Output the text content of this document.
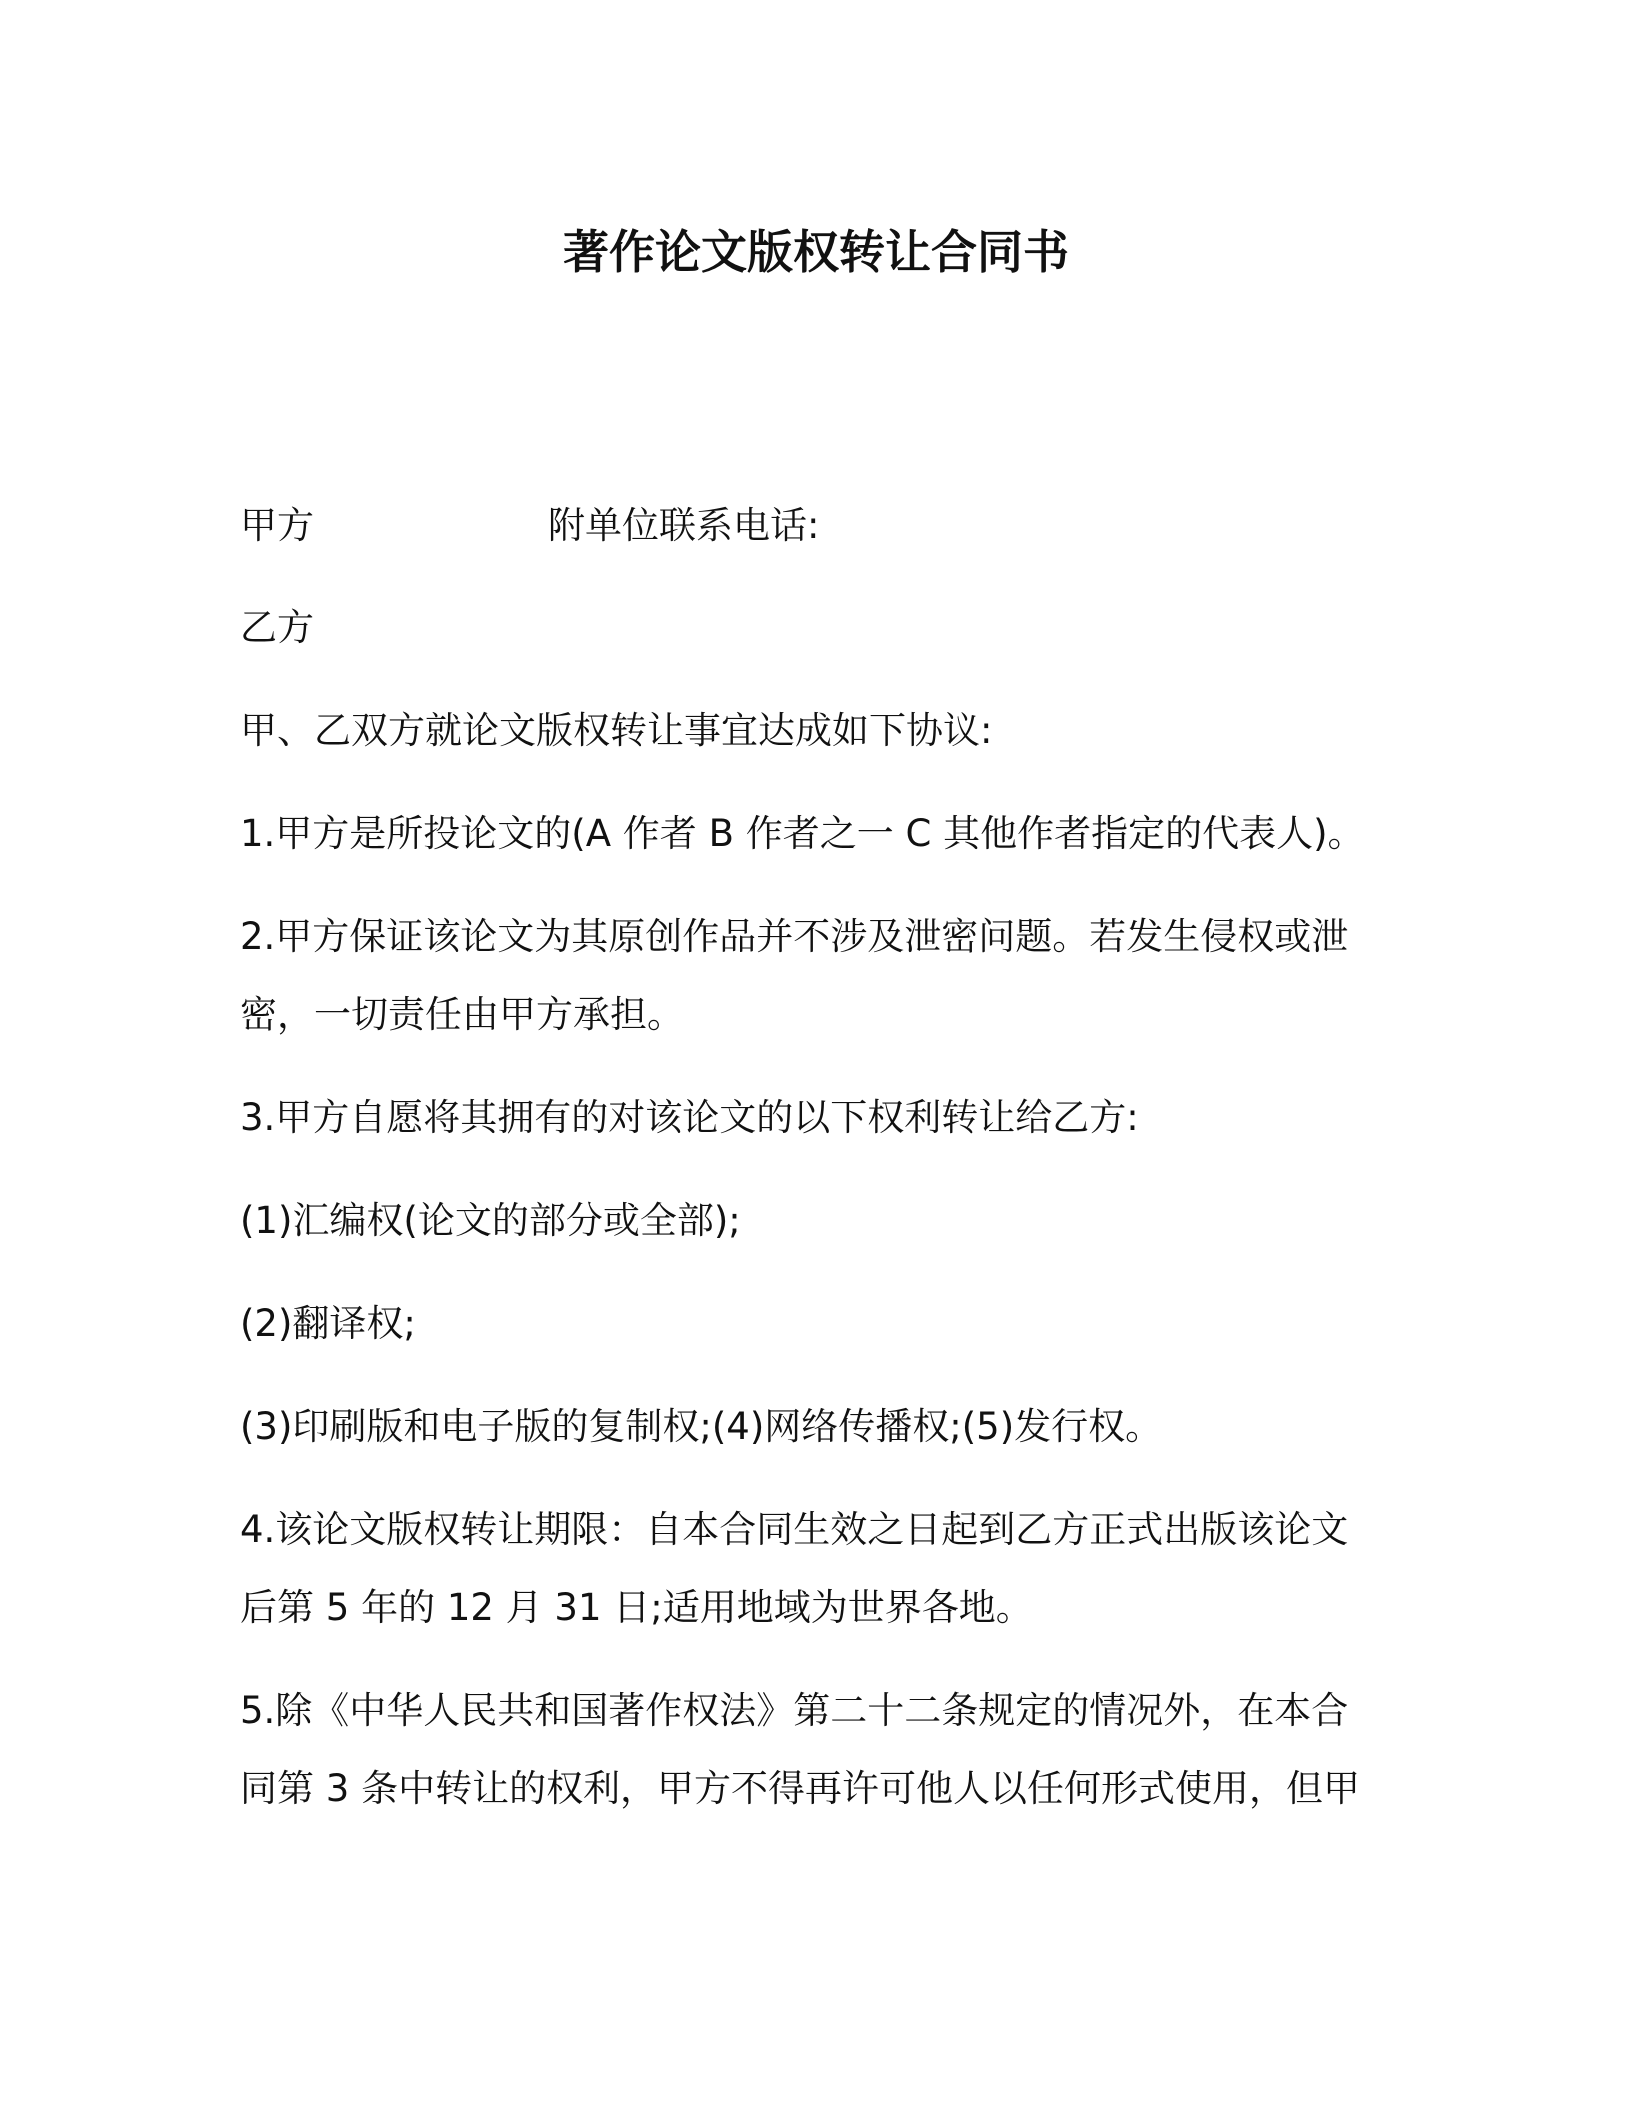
著作论文版权转让合同书
甲方	附单位联系电话:
乙方
甲、乙双方就论文版权转让事宜达成如下协议:
1.甲方是所投论文的(A 作者 B 作者之一 C 其他作者指定的代表人)。
2.甲方保证该论文为其原创作品并不涉及泄密问题。若发生侵权或泄
密，一切责任由甲方承担。
3.甲方自愿将其拥有的对该论文的以下权利转让给乙方:
(1)汇编权(论文的部分或全部);
(2)翻译权;
(3)印刷版和电子版的复制权;(4)网络传播权;(5)发行权。
4.该论文版权转让期限：自本合同生效之日起到乙方正式出版该论文
后第 5 年的 12 月 31 日;适用地域为世界各地。
5.除《中华人民共和国著作权法》第二十二条规定的情况外，在本合
同第 3 条中转让的权利，甲方不得再许可他人以任何形式使用，但甲
